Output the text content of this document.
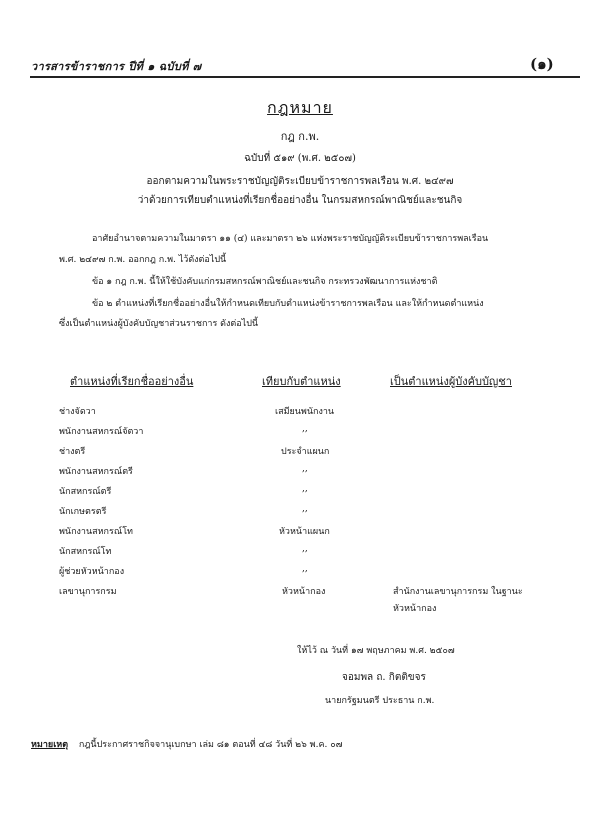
วารสารข้าราชการ ปีที่ ๑ ฉบับที่ ๗	(๑)
กฎหมาย
กฎ ก.พ.
ฉบับที่ ๕๑๙ (พ.ศ. ๒๕๐๗)
ออกตามความในพระราชบัญญัติระเบียบข้าราชการพลเรือน พ.ศ. ๒๔๙๗
ว่าด้วยการเทียบตำแหน่งที่เรียกชื่ออย่างอื่น ในกรมสหกรณ์พาณิชย์และชนกิจ
อาศัยอำนาจตามความในมาตรา ๑๑ (๔) และมาตรา ๒๖ แห่งพระราชบัญญัติระเบียบข้าราชการพลเรือน
พ.ศ. ๒๔๙๗ ก.พ. ออกกฎ ก.พ. ไว้ดังต่อไปนี้
ข้อ ๑ กฎ ก.พ. นี้ให้ใช้บังคับแก่กรมสหกรณ์พาณิชย์และชนกิจ กระทรวงพัฒนาการแห่งชาติ
ข้อ ๒ ตำแหน่งที่เรียกชื่ออย่างอื่นให้กำหนดเทียบกับตำแหน่งข้าราชการพลเรือน และให้กำหนดตำแหน่ง
ซึ่งเป็นตำแหน่งผู้บังคับบัญชาส่วนราชการ ดังต่อไปนี้
ตำแหน่งที่เรียกชื่ออย่างอื่น	เทียบกับตำแหน่ง	เป็นตำแหน่งผู้บังคับบัญชา
ช่างจัดวา	เสมียนพนักงาน
พนักงานสหกรณ์จัตวา	,,
ช่างตรี	ประจำแผนก
พนักงานสหกรณ์ตรี	,,
นักสหกรณ์ตรี	,,
นักเกษตรตรี	,,
พนักงานสหกรณ์โท	หัวหน้าแผนก
นักสหกรณ์โท	,,
ผู้ช่วยหัวหน้ากอง	,,
เลขานุการกรม	หัวหน้ากอง	สำนักงานเลขานุการกรม ในฐานะ
หัวหน้ากอง
ให้ไว้ ณ วันที่ ๑๗ พฤษภาคม พ.ศ. ๒๕๐๗
จอมพล ถ. กิตติขจร
นายกรัฐมนตรี ประธาน ก.พ.
หมายเหตุ กฎนี้ประกาศราชกิจจานุเบกษา เล่ม ๘๑ ตอนที่ ๔๘ วันที่ ๒๖ พ.ค. ๐๗
